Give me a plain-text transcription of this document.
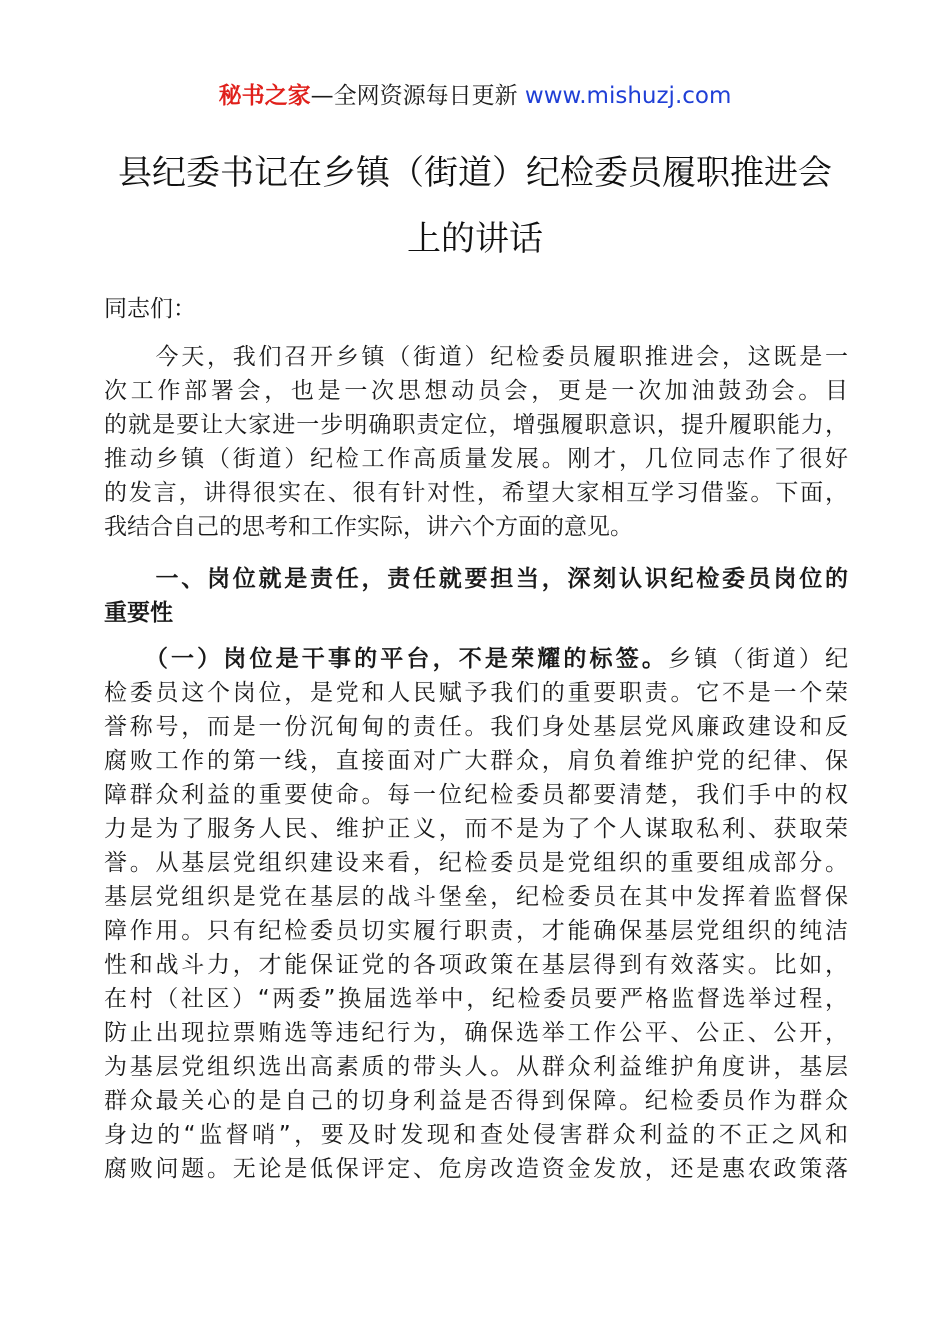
秘书之家—全网资源每日更新 www.mishuzj.com
县纪委书记在乡镇（街道）纪检委员履职推进会
上的讲话
同志们：
　　今天，我们召开乡镇（街道）纪检委员履职推进会，这既是一
次工作部署会，也是一次思想动员会，更是一次加油鼓劲会。目
的就是要让大家进一步明确职责定位，增强履职意识，提升履职能力，
推动乡镇（街道）纪检工作高质量发展。刚才，几位同志作了很好
的发言，讲得很实在、很有针对性，希望大家相互学习借鉴。下面，
我结合自己的思考和工作实际，讲六个方面的意见。
　　一、岗位就是责任，责任就要担当，深刻认识纪检委员岗位的
重要性
　　（一）岗位是干事的平台，不是荣耀的标签。乡镇（街道）纪
检委员这个岗位，是党和人民赋予我们的重要职责。它不是一个荣
誉称号，而是一份沉甸甸的责任。我们身处基层党风廉政建设和反
腐败工作的第一线，直接面对广大群众，肩负着维护党的纪律、保
障群众利益的重要使命。每一位纪检委员都要清楚，我们手中的权
力是为了服务人民、维护正义，而不是为了个人谋取私利、获取荣
誉。从基层党组织建设来看，纪检委员是党组织的重要组成部分。
基层党组织是党在基层的战斗堡垒，纪检委员在其中发挥着监督保
障作用。只有纪检委员切实履行职责，才能确保基层党组织的纯洁
性和战斗力，才能保证党的各项政策在基层得到有效落实。比如，
在村（社区）“两委”换届选举中，纪检委员要严格监督选举过程，
防止出现拉票贿选等违纪行为，确保选举工作公平、公正、公开，
为基层党组织选出高素质的带头人。从群众利益维护角度讲，基层
群众最关心的是自己的切身利益是否得到保障。纪检委员作为群众
身边的“监督哨”，要及时发现和查处侵害群众利益的不正之风和
腐败问题。无论是低保评定、危房改造资金发放，还是惠农政策落
